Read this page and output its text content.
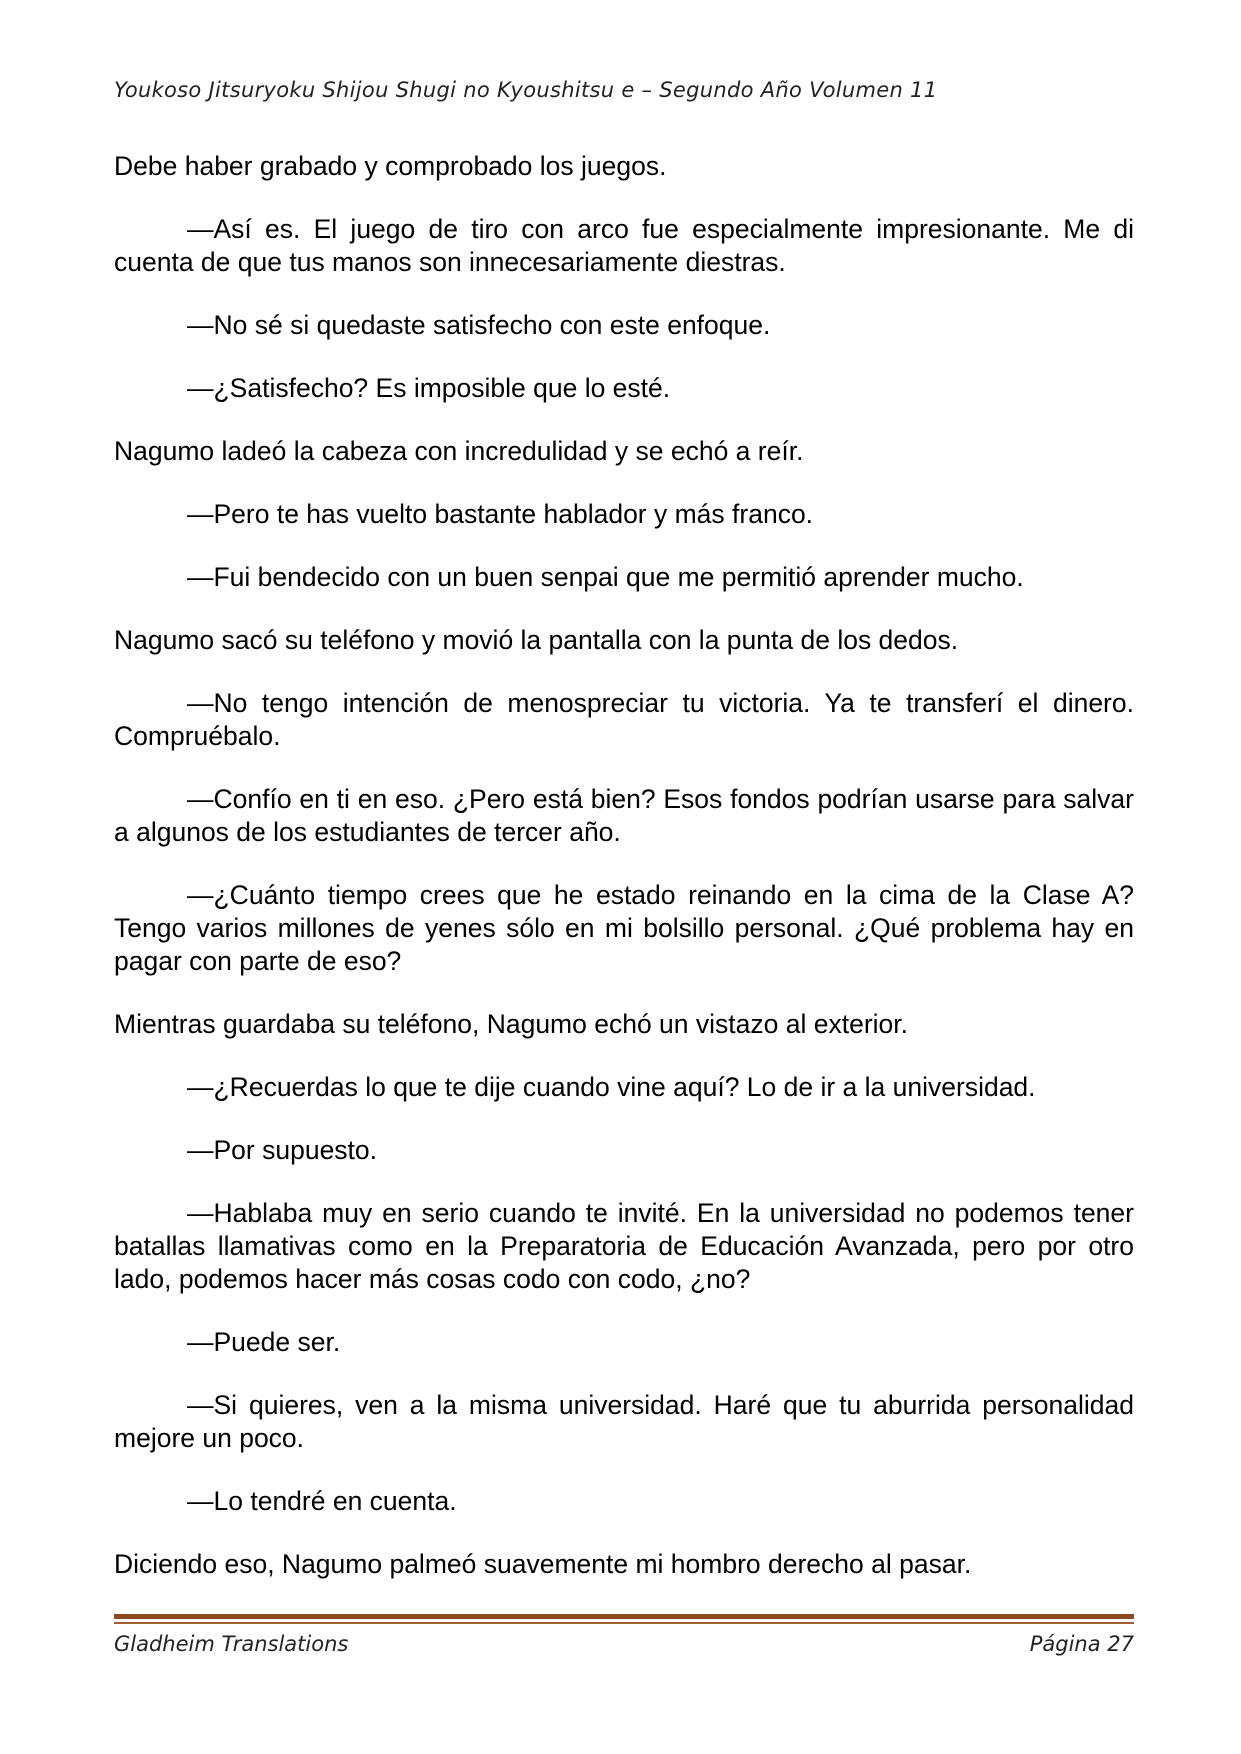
Youkoso Jitsuryoku Shijou Shugi no Kyoushitsu e – Segundo Año Volumen 11

Debe haber grabado y comprobado los juegos.

—Así es. El juego de tiro con arco fue especialmente impresionante. Me di cuenta de que tus manos son innecesariamente diestras.

—No sé si quedaste satisfecho con este enfoque.

—¿Satisfecho? Es imposible que lo esté.

Nagumo ladeó la cabeza con incredulidad y se echó a reír.

—Pero te has vuelto bastante hablador y más franco.

—Fui bendecido con un buen senpai que me permitió aprender mucho.

Nagumo sacó su teléfono y movió la pantalla con la punta de los dedos.

—No tengo intención de menospreciar tu victoria. Ya te transferí el dinero. Compruébalo.

—Confío en ti en eso. ¿Pero está bien? Esos fondos podrían usarse para salvar a algunos de los estudiantes de tercer año.

—¿Cuánto tiempo crees que he estado reinando en la cima de la Clase A? Tengo varios millones de yenes sólo en mi bolsillo personal. ¿Qué problema hay en pagar con parte de eso?

Mientras guardaba su teléfono, Nagumo echó un vistazo al exterior.

—¿Recuerdas lo que te dije cuando vine aquí? Lo de ir a la universidad.

—Por supuesto.

—Hablaba muy en serio cuando te invité. En la universidad no podemos tener batallas llamativas como en la Preparatoria de Educación Avanzada, pero por otro lado, podemos hacer más cosas codo con codo, ¿no?

—Puede ser.

—Si quieres, ven a la misma universidad. Haré que tu aburrida personalidad mejore un poco.

—Lo tendré en cuenta.

Diciendo eso, Nagumo palmeó suavemente mi hombro derecho al pasar.

Gladheim Translations	Página 27
